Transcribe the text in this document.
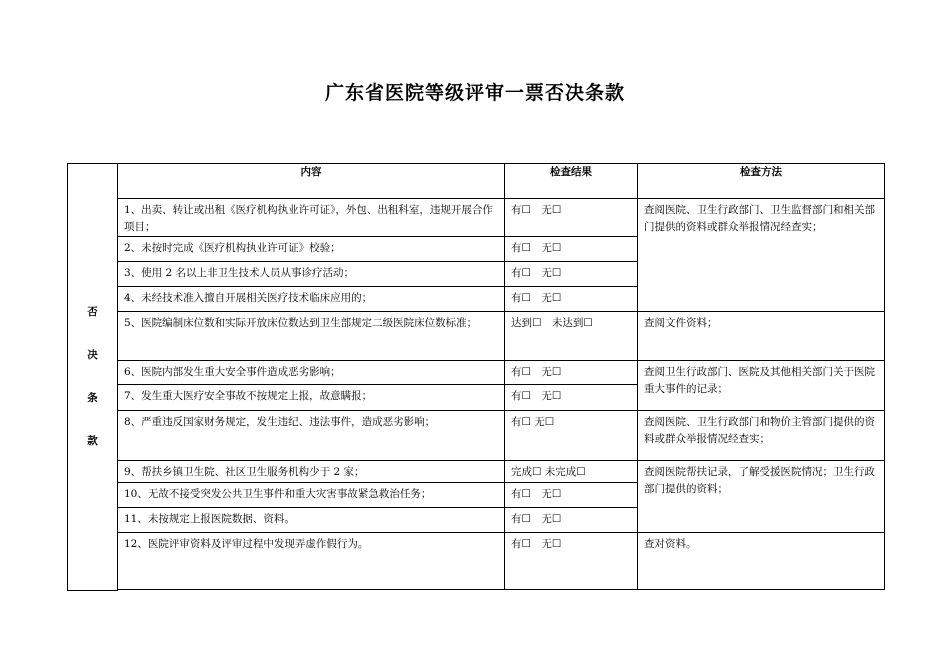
广东省医院等级评审一票否决条款
否
决
条
款	内容	检查结果	检查方法
	1、出卖、转让或出租《医疗机构执业许可证》，外包、出租科室，违规开展合作项目；	有☐　无☐	查阅医院、卫生行政部门、卫生监督部门和相关部门提供的资料或群众举报情况经查实；
	2、未按时完成《医疗机构执业许可证》校验；	有☐　无☐	
	3、使用 2 名以上非卫生技术人员从事诊疗活动；	有☐　无☐	
	4、未经技术准入擅自开展相关医疗技术临床应用的；	有☐　无☐	
	5、医院编制床位数和实际开放床位数达到卫生部规定二级医院床位数标准；	达到☐　未达到☐	查阅文件资料；
	6、医院内部发生重大安全事件造成恶劣影响；	有☐　无☐	查阅卫生行政部门、医院及其他相关部门关于医院重大事件的记录；
	7、发生重大医疗安全事故不按规定上报，故意瞒报；	有☐　无☐	
	8、严重违反国家财务规定，发生违纪、违法事件，造成恶劣影响；	有☐ 无☐	查阅医院、卫生行政部门和物价主管部门提供的资料或群众举报情况经查实；
	9、帮扶乡镇卫生院、社区卫生服务机构少于 2 家；	完成☐ 未完成☐	查阅医院帮扶记录，了解受援医院情况；卫生行政部门提供的资料；
	10、无故不接受突发公共卫生事件和重大灾害事故紧急救治任务；	有☐　无☐	
	11、未按规定上报医院数据、资料。	有☐　无☐	
	12、医院评审资料及评审过程中发现弄虚作假行为。	有☐　无☐	查对资料。
